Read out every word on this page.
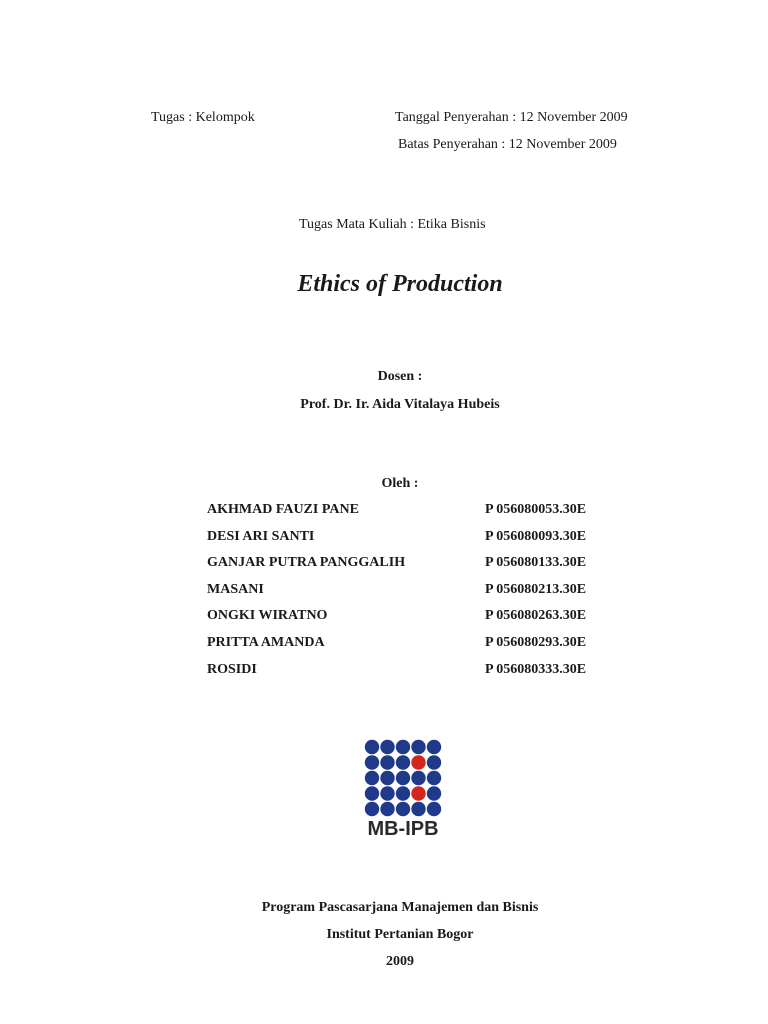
Tugas : Kelompok	Tanggal Penyerahan : 12 November 2009
Batas Penyerahan : 12 November 2009
Tugas Mata Kuliah : Etika Bisnis
Ethics of Production
Dosen :
Prof. Dr. Ir. Aida Vitalaya Hubeis
Oleh :
AKHMAD FAUZI PANE	P 056080053.30E
DESI ARI SANTI	P 056080093.30E
GANJAR PUTRA PANGGALIH	P 056080133.30E
MASANI	P 056080213.30E
ONGKI WIRATNO	P 056080263.30E
PRITTA AMANDA	P 056080293.30E
ROSIDI	P 056080333.30E
MB-IPB
Program Pascasarjana Manajemen dan Bisnis
Institut Pertanian Bogor
2009
